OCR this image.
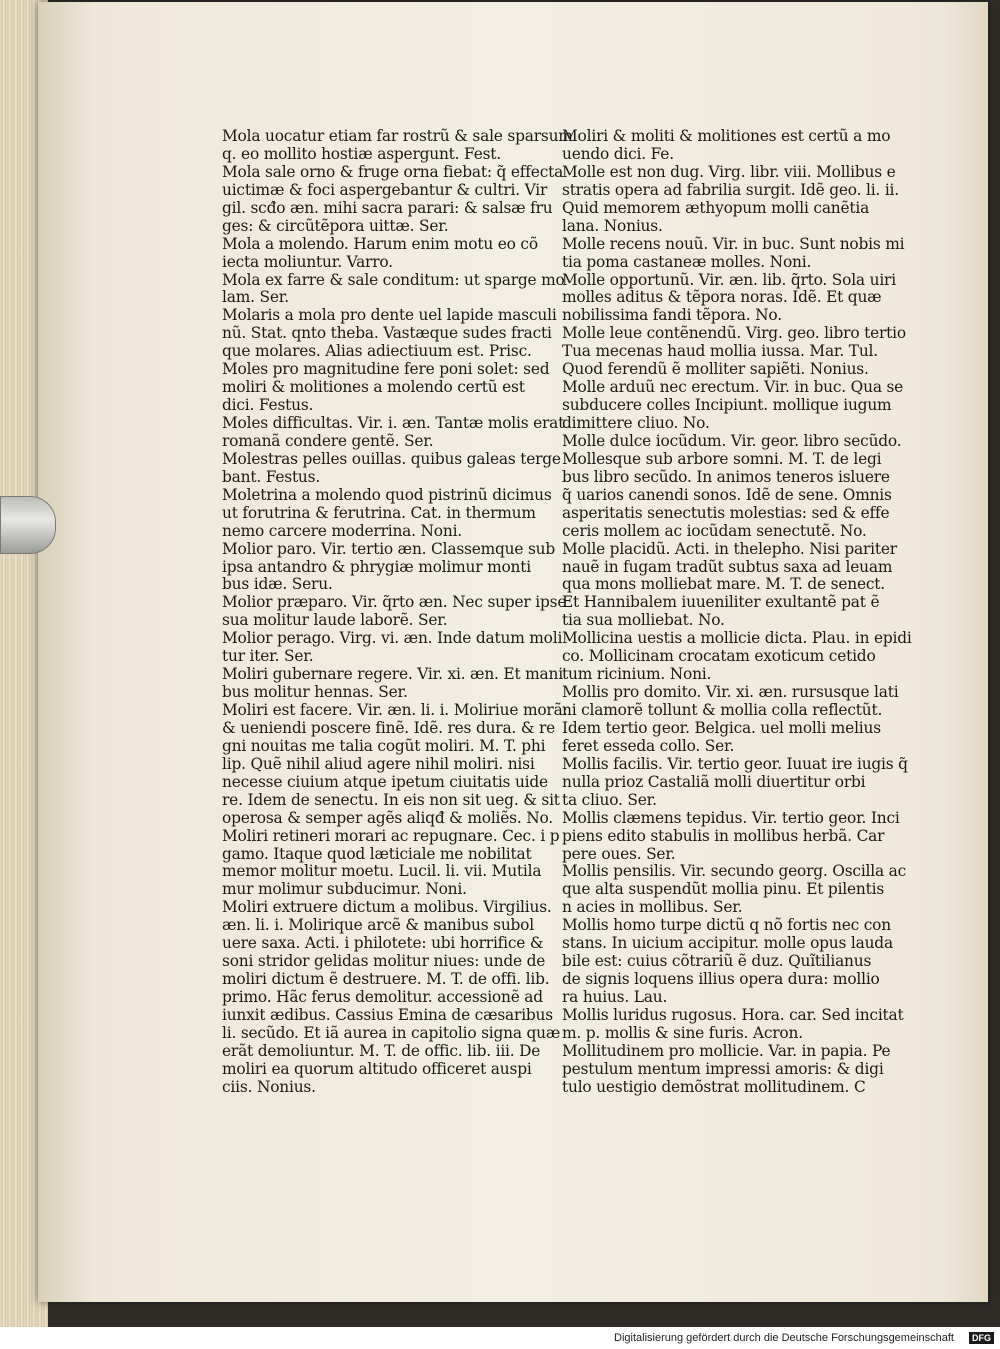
Mola uocatur etiam far rostrũ & sale sparsum
q. eo mollito hostiæ aspergunt. Fest.
Mola sale orno & fruge orna fiebat: q̃ effecta
uictimæ & foci aspergebantur & cultri. Vir
gil. scđo æn. mihi sacra parari: & salsæ fru
ges: & circũtẽpora uittæ. Ser.
Mola a molendo. Harum enim motu eo cõ
iecta moliuntur. Varro.
Mola ex farre & sale conditum: ut sparge mo
lam. Ser.
Molaris a mola pro dente uel lapide masculi
nũ. Stat. qnto theba. Vastæque sudes fracti
que molares. Alias adiectiuum est. Prisc.
Moles pro magnitudine fere poni solet: sed
moliri & molitiones a molendo certũ est
dici. Festus.
Moles difficultas. Vir. i. æn. Tantæ molis erat
romanã condere gentẽ. Ser.
Molestras pelles ouillas. quibus galeas terge
bant. Festus.
Moletrina a molendo quod pistrinũ dicimus
ut forutrina & ferutrina. Cat. in thermum
nemo carcere moderrina. Noni.
Molior paro. Vir. tertio æn. Classemque sub
ipsa antandro & phrygiæ molimur monti
bus idæ. Seru.
Molior præparo. Vir. q̃rto æn. Nec super ipse
sua molitur laude laborẽ. Ser.
Molior perago. Virg. vi. æn. Inde datum moli
tur iter. Ser.
Moliri gubernare regere. Vir. xi. æn. Et mani
bus molitur hennas. Ser.
Moliri est facere. Vir. æn. li. i. Moliriue morã:
& ueniendi poscere finẽ. Idẽ. res dura. & re
gni nouitas me talia cogũt moliri. M. T. phi
lip. Quẽ nihil aliud agere nihil moliri. nisi
necesse ciuium atque ipetum ciuitatis uide
re. Idem de senectu. In eis non sit ueg. & sit
operosa & semper agẽs aliqđ & moliẽs. No.
Moliri retineri morari ac repugnare. Cec. i p
gamo. Itaque quod læticiale me nobilitat
memor molitur moetu. Lucil. li. vii. Mutila
mur molimur subducimur. Noni.
Moliri extruere dictum a molibus. Virgilius.
æn. li. i. Molirique arcẽ & manibus subol
uere saxa. Acti. i philotete: ubi horrifice &
soni stridor gelidas molitur niues: unde de
moliri dictum ẽ destruere. M. T. de offi. lib.
primo. Hãc ferus demolitur. accessionẽ ad
iunxit ædibus. Cassius Emina de cæsaribus
li. secũdo. Et iã aurea in capitolio signa quæ
erãt demoliuntur. M. T. de offic. lib. iii. De
moliri ea quorum altitudo officeret auspi
ciis. Nonius.
Moliri & moliti & molitiones est certũ a mo
uendo dici. Fe.
Molle est non dug. Virg. libr. viii. Mollibus e
stratis opera ad fabrilia surgit. Idẽ geo. li. ii.
Quid memorem æthyopum molli canẽtia
lana. Nonius.
Molle recens nouũ. Vir. in buc. Sunt nobis mi
tia poma castaneæ molles. Noni.
Molle opportunũ. Vir. æn. lib. q̃rto. Sola uiri
molles aditus & tẽpora noras. Idẽ. Et quæ
nobilissima fandi tẽpora. No.
Molle leue contẽnendũ. Virg. geo. libro tertio
Tua mecenas haud mollia iussa. Mar. Tul.
Quod ferendũ ẽ molliter sapiẽti. Nonius.
Molle arduũ nec erectum. Vir. in buc. Qua se
subducere colles Incipiunt. mollique iugum
dimittere cliuo. No.
Molle dulce iocũdum. Vir. geor. libro secũdo.
Mollesque sub arbore somni. M. T. de legi
bus libro secũdo. In animos teneros isluere
q̃ uarios canendi sonos. Idẽ de sene. Omnis
asperitatis senectutis molestias: sed & effe
ceris mollem ac iocũdam senectutẽ. No.
Molle placidũ. Acti. in thelepho. Nisi pariter
nauẽ in fugam tradũt subtus saxa ad leuam
qua mons molliebat mare. M. T. de senect.
Et Hannibalem iuueniliter exultantẽ pat ẽ
tia sua molliebat. No.
Mollicina uestis a mollicie dicta. Plau. in epidi
co. Mollicinam crocatam exoticum cetido
tum ricinium. Noni.
Mollis pro domito. Vir. xi. æn. rursusque lati
ni clamorẽ tollunt & mollia colla reflectũt.
Idem tertio geor. Belgica. uel molli melius
feret esseda collo. Ser.
Mollis facilis. Vir. tertio geor. Iuuat ire iugis q̃
nulla prioz Castaliã molli diuertitur orbi
ta cliuo. Ser.
Mollis clæmens tepidus. Vir. tertio geor. Inci
piens edito stabulis in mollibus herbã. Car
pere oues. Ser.
Mollis pensilis. Vir. secundo georg. Oscilla ac
que alta suspendũt mollia pinu. Et pilentis
n acies in mollibus. Ser.
Mollis homo turpe dictũ q nõ fortis nec con
stans. In uicium accipitur. molle opus lauda
bile est: cuius cõtrariũ ẽ duz. Quĩtilianus
de signis loquens illius opera dura: mollio
ra huius. Lau.
Mollis luridus rugosus. Hora. car. Sed incitat
m. p. mollis & sine furis. Acron.
Mollitudinem pro mollicie. Var. in papia. Pe
pestulum mentum impressi amoris: & digi
tulo uestigio demõstrat mollitudinem. C
Digitalisierung gefördert durch die Deutsche Forschungsgemeinschaft	DFG
